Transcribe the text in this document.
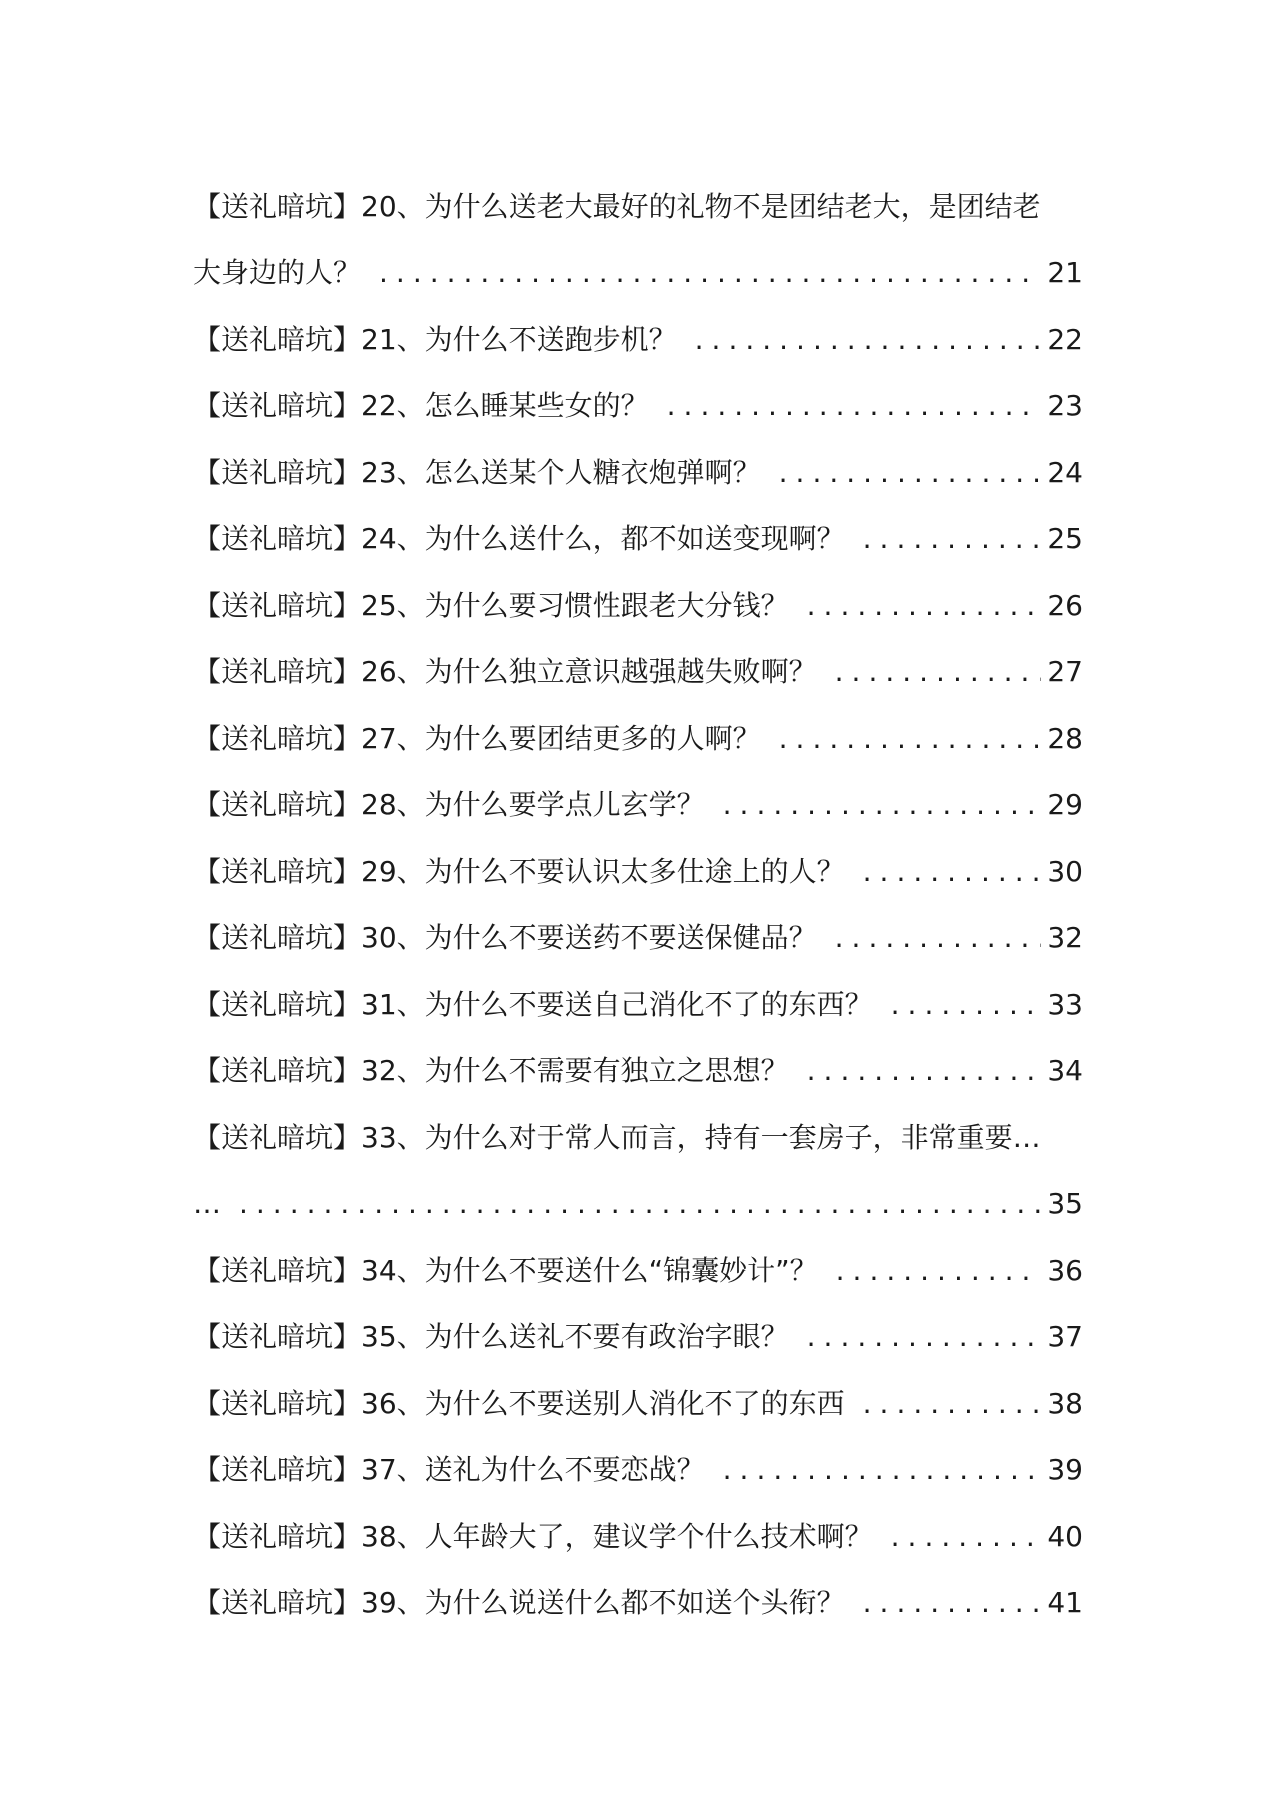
【送礼暗坑】20、为什么送老大最好的礼物不是团结老大，是团结老
大身边的人？ .....	21
【送礼暗坑】21、为什么不送跑步机？ .....	22
【送礼暗坑】22、怎么睡某些女的？ .....	23
【送礼暗坑】23、怎么送某个人糖衣炮弹啊？ .....	24
【送礼暗坑】24、为什么送什么，都不如送变现啊？ .....	25
【送礼暗坑】25、为什么要习惯性跟老大分钱？ .....	26
【送礼暗坑】26、为什么独立意识越强越失败啊？ .....	27
【送礼暗坑】27、为什么要团结更多的人啊？ .....	28
【送礼暗坑】28、为什么要学点儿玄学？ .....	29
【送礼暗坑】29、为什么不要认识太多仕途上的人？ .....	30
【送礼暗坑】30、为什么不要送药不要送保健品？ .....	32
【送礼暗坑】31、为什么不要送自己消化不了的东西？ .....	33
【送礼暗坑】32、为什么不需要有独立之思想？ .....	34
【送礼暗坑】33、为什么对于常人而言，持有一套房子，非常重要…
… .....	35
【送礼暗坑】34、为什么不要送什么“锦囊妙计”？ .....	36
【送礼暗坑】35、为什么送礼不要有政治字眼？ .....	37
【送礼暗坑】36、为什么不要送别人消化不了的东西 .....	38
【送礼暗坑】37、送礼为什么不要恋战？ .....	39
【送礼暗坑】38、人年龄大了，建议学个什么技术啊？ .....	40
【送礼暗坑】39、为什么说送什么都不如送个头衔？ .....	41
